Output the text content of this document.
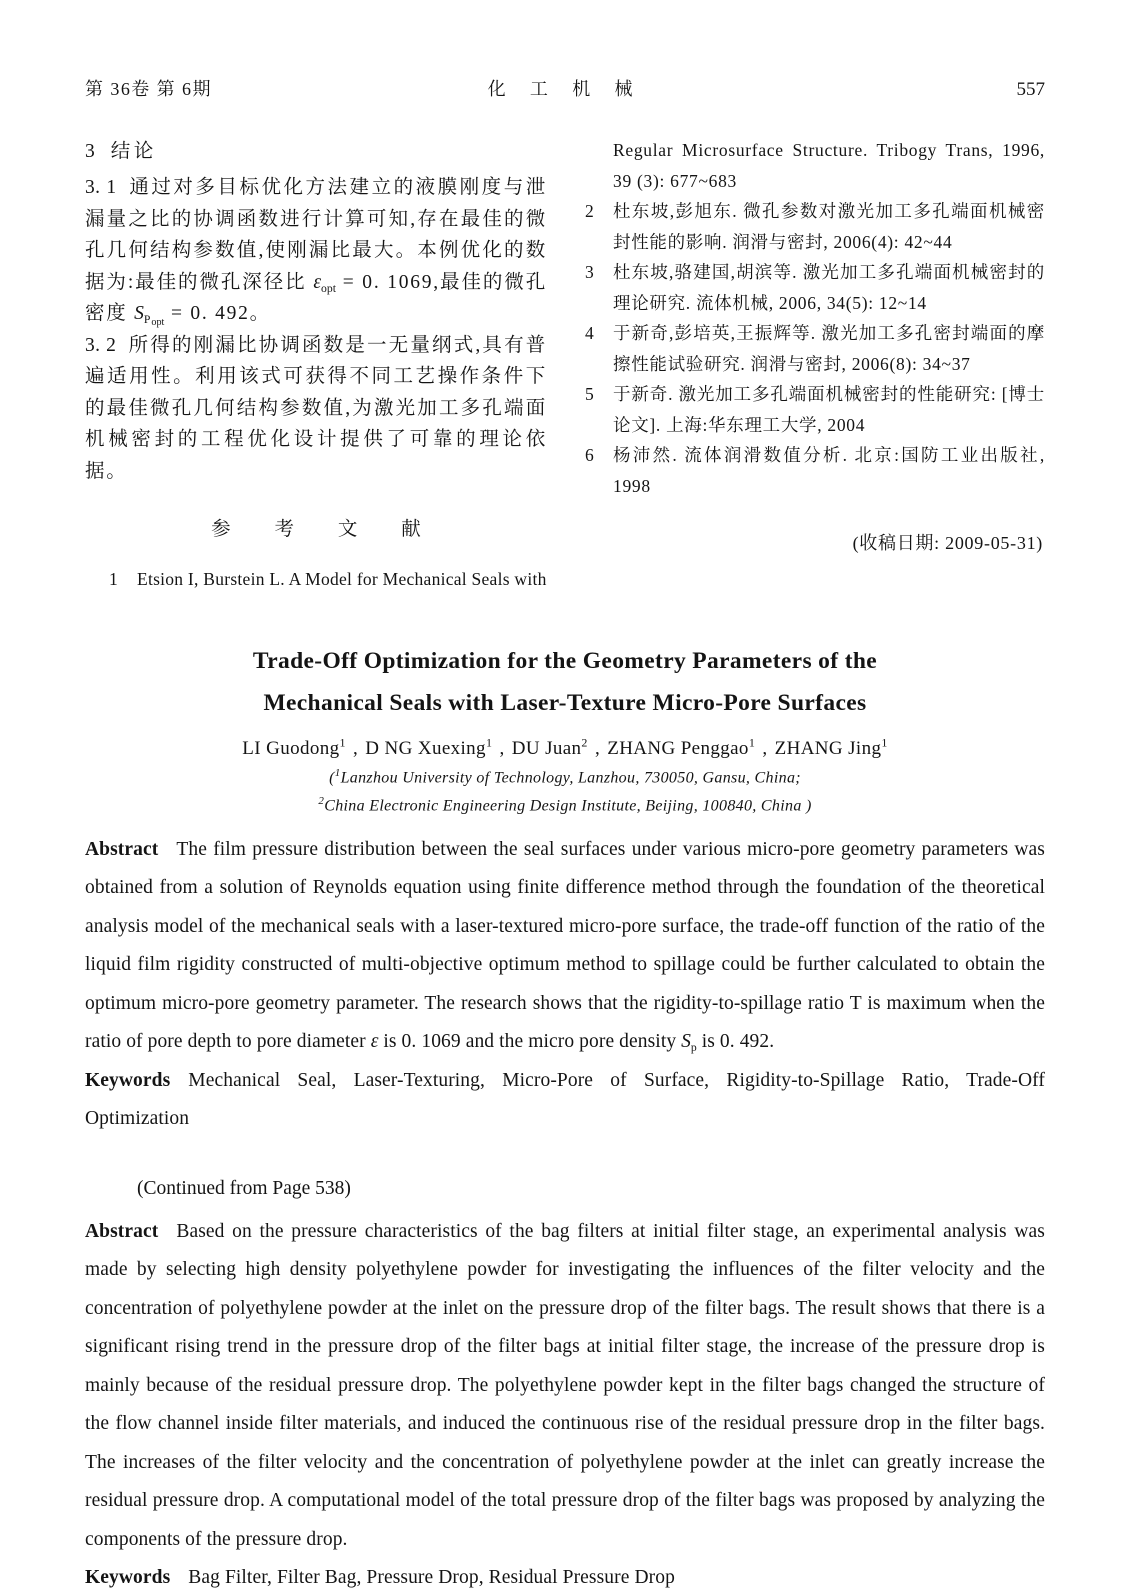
第 36卷 第 6期	化 工 机 械	557
3 结论

3. 1 通过对多目标优化方法建立的液膜刚度与泄漏量之比的协调函数进行计算可知,存在最佳的微孔几何结构参数值,使刚漏比最大。本例优化的数据为:最佳的微孔深径比 $\varepsilon_{opt} = 0$. 1069,最佳的微孔密度 $S_{Popt} = 0$. 492。

3. 2 所得的刚漏比协调函数是一无量纲式,具有普遍适用性。利用该式可获得不同工艺操作条件下的最佳微孔几何结构参数值,为激光加工多孔端面机械密封的工程优化设计提供了可靠的理论依据。

参 考 文 献

1 Etsion I, Burstein L. A Model for Mechanical Seals with

Regular Microsurface Structure. Tribogy Trans, 1996, 39 (3): 677~683

2 杜东坡,彭旭东. 微孔参数对激光加工多孔端面机械密封性能的影响. 润滑与密封, 2006(4): 42~44

3 杜东坡,骆建国,胡滨等. 激光加工多孔端面机械密封的理论研究. 流体机械, 2006, 34(5): 12~14

4 于新奇,彭培英,王振辉等. 激光加工多孔密封端面的摩擦性能试验研究. 润滑与密封, 2006(8): 34~37

5 于新奇. 激光加工多孔端面机械密封的性能研究: [博士论文]. 上海:华东理工大学, 2004

6 杨沛然. 流体润滑数值分析. 北京:国防工业出版社, 1998

(收稿日期: 2009-05-31)

Trade-Off Optimization for the Geometry Parameters of the
Mechanical Seals with Laser-Texture Micro-Pore Surfaces

LI Guodong$^1$ , D NG Xuexing$^1$ , DU Juan$^2$ , ZHANG Penggao$^1$ , ZHANG Jing$^1$

($^1$Lanzhou University of Technology, Lanzhou, 730050, Gansu, China;

$^2$China Electronic Engineering Design Institute, Beijing, 100840, China )

Abstract The film pressure distribution between the seal surfaces under various micro-pore geometry parameters was obtained from a solution of Reynolds equation using finite difference method through the foundation of the theoretical analysis model of the mechanical seals with a laser-textured micro-pore surface, the trade-off function of the ratio of the liquid film rigidity constructed of multi-objective optimum method to spillage could be further calculated to obtain the optimum micro-pore geometry parameter. The research shows that the rigidity-to-spillage ratio T is maximum when the ratio of pore depth to pore diameter ε is 0. 1069 and the micro pore density $S_p$ is 0. 492.

Keywords Mechanical Seal, Laser-Texturing, Micro-Pore of Surface, Rigidity-to-Spillage Ratio, Trade-Off Optimization

(Continued from Page 538)

Abstract Based on the pressure characteristics of the bag filters at initial filter stage, an experimental analysis was made by selecting high density polyethylene powder for investigating the influences of the filter velocity and the concentration of polyethylene powder at the inlet on the pressure drop of the filter bags. The result shows that there is a significant rising trend in the pressure drop of the filter bags at initial filter stage, the increase of the pressure drop is mainly because of the residual pressure drop. The polyethylene powder kept in the filter bags changed the structure of the flow channel inside filter materials, and induced the continuous rise of the residual pressure drop in the filter bags. The increases of the filter velocity and the concentration of polyethylene powder at the inlet can greatly increase the residual pressure drop. A computational model of the total pressure drop of the filter bags was proposed by analyzing the components of the pressure drop.

Keywords Bag Filter, Filter Bag, Pressure Drop, Residual Pressure Drop
